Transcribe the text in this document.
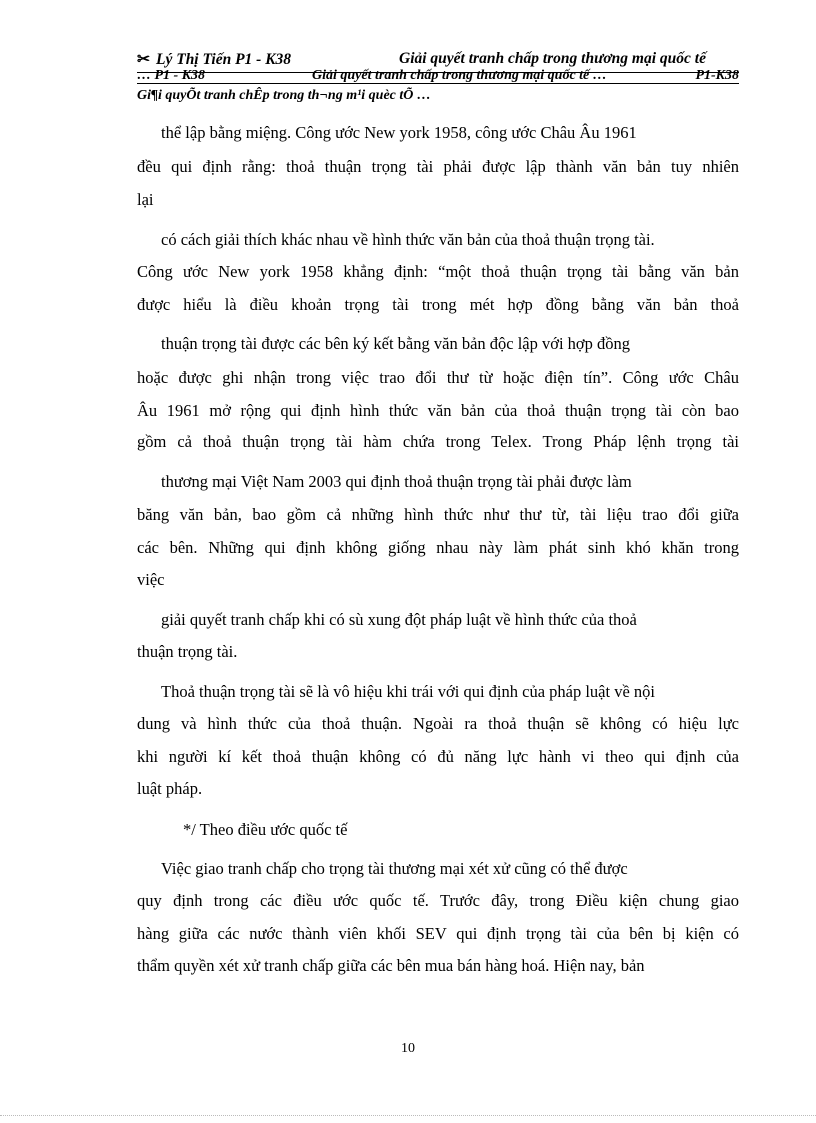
✂ Lý Thị Tiến P1 - K38	Giải quyết tranh chấp trong thương mại quốc tế
… P1 - K38	Giải quyết tranh chấp trong thương mại quốc tế …	P1-K38
Gi¶i quyÕt tranh chÊp trong th¬ng m¹i quèc tÕ …
thể lập bằng miệng. Công ước New york 1958, công ước Châu Âu 1961
đều qui định rằng: thoả thuận trọng tài phải được lập thành văn bản tuy nhiên
lại
có cách giải thích khác nhau về hình thức văn bản của thoả thuận trọng tài.
Công ước New york 1958 khẳng định: “một thoả thuận trọng tài bằng văn bản
được hiểu là điều khoản trọng tài trong mét hợp đồng bằng văn bản thoả
thuận trọng tài được các bên ký kết bằng văn bản độc lập với hợp đồng
hoặc được ghi nhận trong việc trao đổi thư từ hoặc điện tín”. Công ước Châu
Âu 1961 mở rộng qui định hình thức văn bản của thoả thuận trọng tài còn bao
gồm cả thoả thuận trọng tài hàm chứa trong Telex. Trong Pháp lệnh trọng tài
thương mại Việt Nam 2003 qui định thoả thuận trọng tài phải được làm
băng văn bản, bao gồm cả những hình thức như thư từ, tài liệu trao đổi giữa
các bên. Những qui định không giống nhau này làm phát sinh khó khăn trong
việc
giải quyết tranh chấp khi có sù xung đột pháp luật về hình thức của thoả
thuận trọng tài.
Thoả thuận trọng tài sẽ là vô hiệu khi trái với qui định của pháp luật về nội
dung và hình thức của thoả thuận. Ngoài ra thoả thuận sẽ không có hiệu lực
khi người kí kết thoả thuận không có đủ năng lực hành vi theo qui định của
luật pháp.
*/ Theo điều ước quốc tế
Việc giao tranh chấp cho trọng tài thương mại xét xử cũng có thể được
quy định trong các điều ước quốc tế. Trước đây, trong Điều kiện chung giao
hàng giữa các nước thành viên khối SEV qui định trọng tài của bên bị kiện có
thẩm quyền xét xử tranh chấp giữa các bên mua bán hàng hoá. Hiện nay, bản
10
